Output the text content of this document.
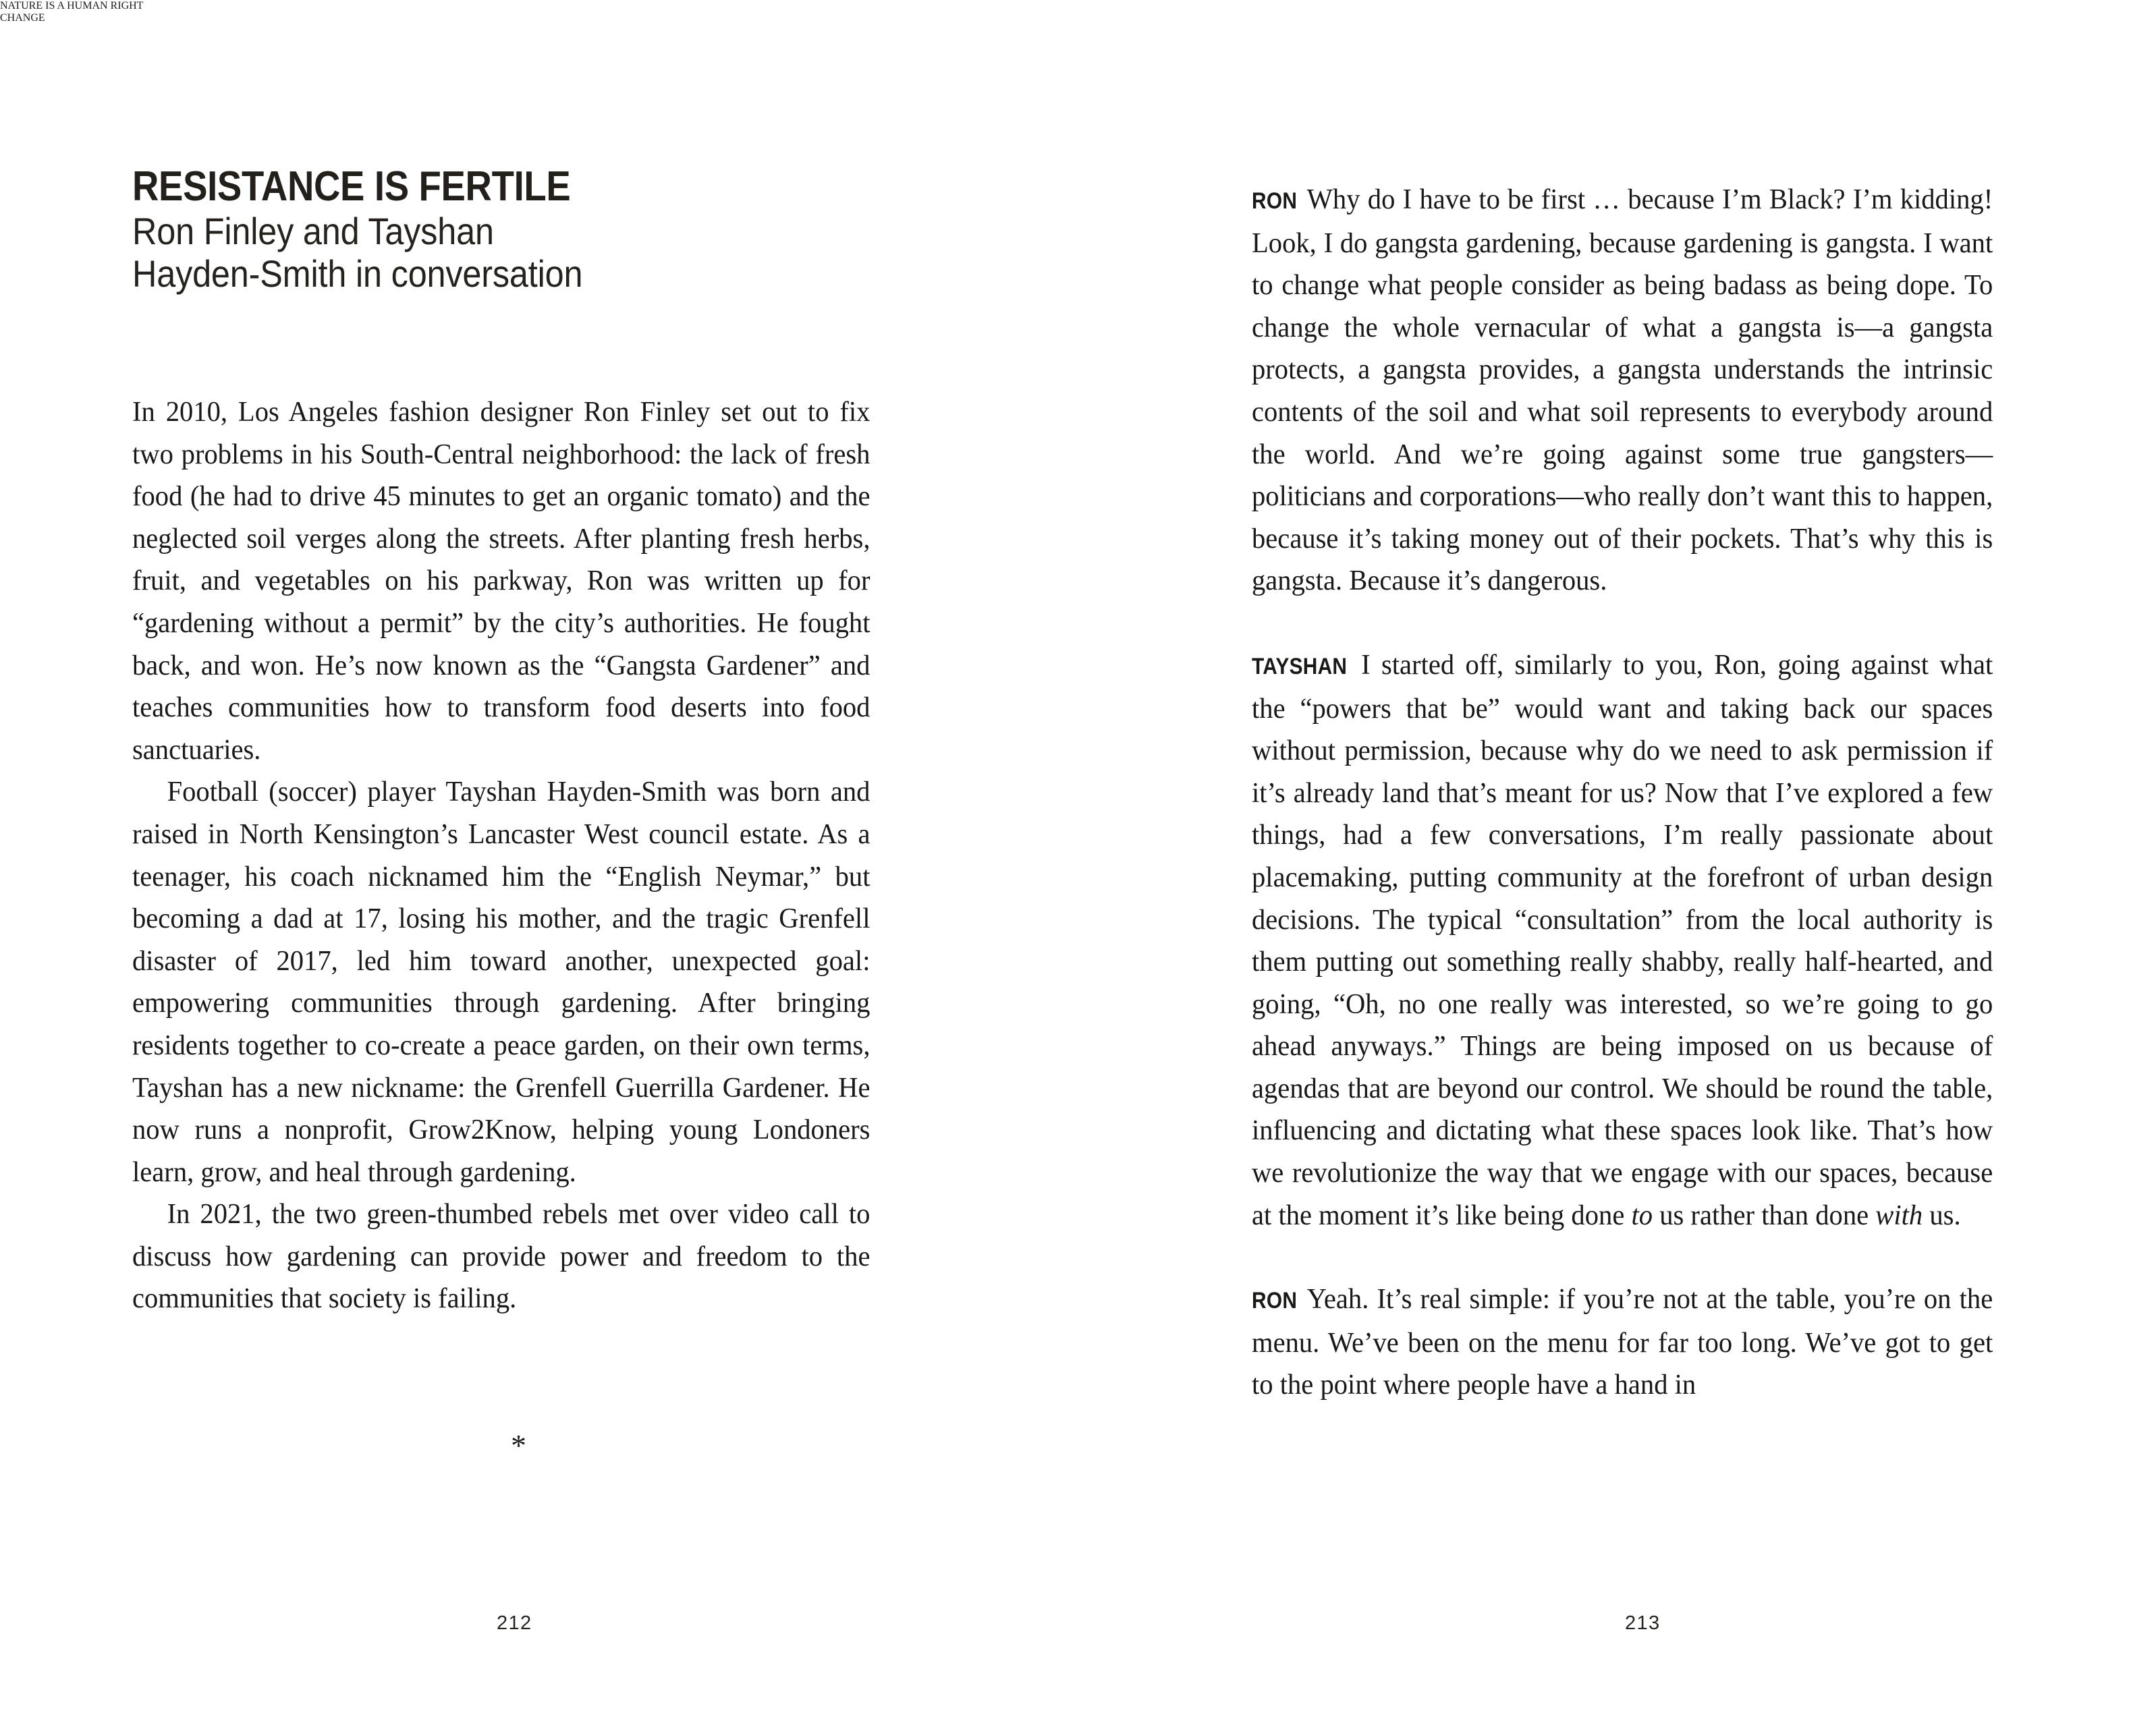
NATURE IS A HUMAN RIGHT
RESISTANCE IS FERTILE
Ron Finley and Tayshan Hayden-Smith in conversation

In 2010, Los Angeles fashion designer Ron Finley set out to fix two problems in his South-Central neighborhood: the lack of fresh food (he had to drive 45 minutes to get an organic tomato) and the neglected soil verges along the streets. After planting fresh herbs, fruit, and vegetables on his parkway, Ron was written up for “gardening without a permit” by the city’s authorities. He fought back, and won. He’s now known as the “Gangsta Gardener” and teaches communities how to transform food deserts into food sanctuaries.

Football (soccer) player Tayshan Hayden-Smith was born and raised in North Kensington’s Lancaster West council estate. As a teenager, his coach nicknamed him the “English Neymar,” but becoming a dad at 17, losing his mother, and the tragic Grenfell disaster of 2017, led him toward another, unexpected goal: empowering communities through gardening. After bringing residents together to co-create a peace garden, on their own terms, Tayshan has a new nickname: the Grenfell Guerrilla Gardener. He now runs a nonprofit, Grow2Know, helping young Londoners learn, grow, and heal through gardening.

In 2021, the two green-thumbed rebels met over video call to discuss how gardening can provide power and freedom to the communities that society is failing.

*
212
CHANGE

RON Why do I have to be first … because I’m Black? I’m kidding! Look, I do gangsta gardening, because gardening is gangsta. I want to change what people consider as being badass as being dope. To change the whole vernacular of what a gangsta is—a gangsta protects, a gangsta provides, a gangsta understands the intrinsic contents of the soil and what soil represents to everybody around the world. And we’re going against some true gangsters—politicians and corporations—who really don’t want this to happen, because it’s taking money out of their pockets. That’s why this is gangsta. Because it’s dangerous.

TAYSHAN I started off, similarly to you, Ron, going against what the “powers that be” would want and taking back our spaces without permission, because why do we need to ask permission if it’s already land that’s meant for us? Now that I’ve explored a few things, had a few conversations, I’m really passionate about placemaking, putting community at the forefront of urban design decisions. The typical “consultation” from the local authority is them putting out something really shabby, really half-hearted, and going, “Oh, no one really was interested, so we’re going to go ahead anyways.” Things are being imposed on us because of agendas that are beyond our control. We should be round the table, influencing and dictating what these spaces look like. That’s how we revolutionize the way that we engage with our spaces, because at the moment it’s like being done to us rather than done with us.

RON Yeah. It’s real simple: if you’re not at the table, you’re on the menu. We’ve been on the menu for far too long. We’ve got to get to the point where people have a hand in

213
